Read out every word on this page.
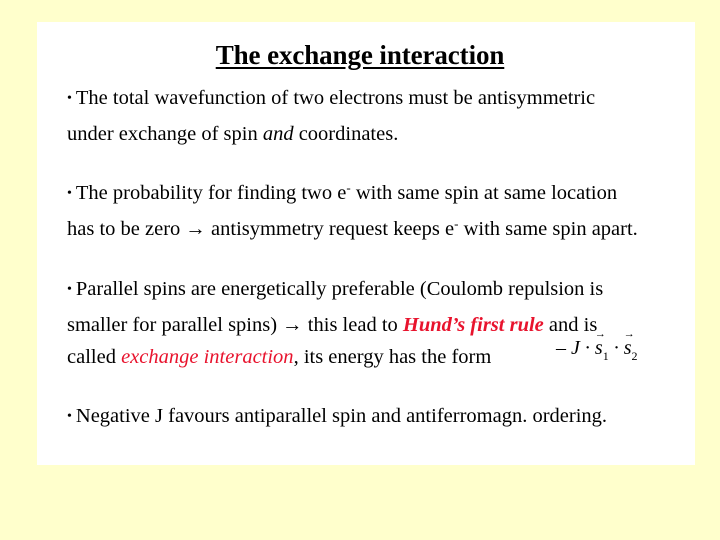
The exchange interaction
• The total wavefunction of two electrons must be antisymmetric
under exchange of spin and coordinates.
• The probability for finding two e- with same spin at same location
has to be zero → antisymmetry request keeps e- with same spin apart.
• Parallel spins are energetically preferable (Coulomb repulsion is
smaller for parallel spins) → this lead to Hund’s first rule and is
called exchange interaction, its energy has the form	– J · → $s_1$ · → $s_2$
• Negative J favours antiparallel spin and antiferromagn. ordering.
